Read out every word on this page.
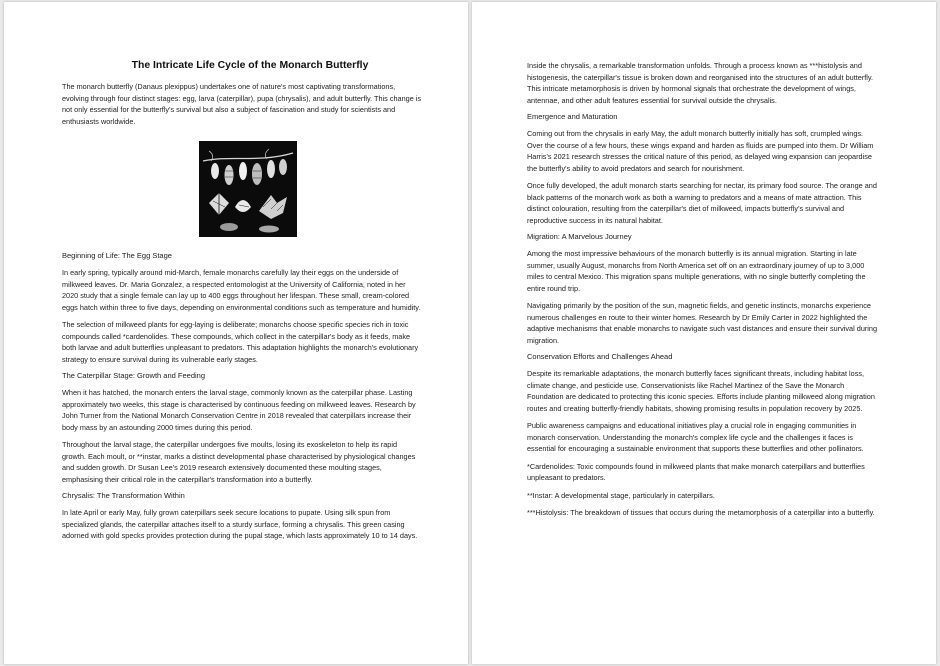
The Intricate Life Cycle of the Monarch Butterfly

The monarch butterfly (Danaus plexippus) undertakes one of nature's most captivating transformations, evolving through four distinct stages: egg, larva (caterpillar), pupa (chrysalis), and adult butterfly. This change is not only essential for the butterfly's survival but also a subject of fascination and study for scientists and enthusiasts worldwide.

Beginning of Life: The Egg Stage

In early spring, typically around mid-March, female monarchs carefully lay their eggs on the underside of milkweed leaves. Dr. Maria Gonzalez, a respected entomologist at the University of California, noted in her 2020 study that a single female can lay up to 400 eggs throughout her lifespan. These small, cream-colored eggs hatch within three to five days, depending on environmental conditions such as temperature and humidity.

The selection of milkweed plants for egg-laying is deliberate; monarchs choose specific species rich in toxic compounds called *cardenolides. These compounds, which collect in the caterpillar's body as it feeds, make both larvae and adult butterflies unpleasant to predators. This adaptation highlights the monarch's evolutionary strategy to ensure survival during its vulnerable early stages.

The Caterpillar Stage: Growth and Feeding

When it has hatched, the monarch enters the larval stage, commonly known as the caterpillar phase. Lasting approximately two weeks, this stage is characterised by continuous feeding on milkweed leaves. Research by John Turner from the National Monarch Conservation Centre in 2018 revealed that caterpillars increase their body mass by an astounding 2000 times during this period.

Throughout the larval stage, the caterpillar undergoes five moults, losing its exoskeleton to help its rapid growth. Each moult, or **instar, marks a distinct developmental phase characterised by physiological changes and sudden growth. Dr Susan Lee's 2019 research extensively documented these moulting stages, emphasising their critical role in the caterpillar's transformation into a butterfly.

Chrysalis: The Transformation Within

In late April or early May, fully grown caterpillars seek secure locations to pupate. Using silk spun from specialized glands, the caterpillar attaches itself to a sturdy surface, forming a chrysalis. This green casing adorned with gold specks provides protection during the pupal stage, which lasts approximately 10 to 14 days.

Inside the chrysalis, a remarkable transformation unfolds. Through a process known as ***histolysis and histogenesis, the caterpillar's tissue is broken down and reorganised into the structures of an adult butterfly. This intricate metamorphosis is driven by hormonal signals that orchestrate the development of wings, antennae, and other adult features essential for survival outside the chrysalis.

Emergence and Maturation

Coming out from the chrysalis in early May, the adult monarch butterfly initially has soft, crumpled wings. Over the course of a few hours, these wings expand and harden as fluids are pumped into them. Dr William Harris's 2021 research stresses the critical nature of this period, as delayed wing expansion can jeopardise the butterfly's ability to avoid predators and search for nourishment.

Once fully developed, the adult monarch starts searching for nectar, its primary food source. The orange and black patterns of the monarch work as both a warning to predators and a means of mate attraction. This distinct colouration, resulting from the caterpillar's diet of milkweed, impacts butterfly's survival and reproductive success in its natural habitat.

Migration: A Marvelous Journey

Among the most impressive behaviours of the monarch butterfly is its annual migration. Starting in late summer, usually August, monarchs from North America set off on an extraordinary journey of up to 3,000 miles to central Mexico. This migration spans multiple generations, with no single butterfly completing the entire round trip.

Navigating primarily by the position of the sun, magnetic fields, and genetic instincts, monarchs experience numerous challenges en route to their winter homes. Research by Dr Emily Carter in 2022 highlighted the adaptive mechanisms that enable monarchs to navigate such vast distances and ensure their survival during migration.

Conservation Efforts and Challenges Ahead

Despite its remarkable adaptations, the monarch butterfly faces significant threats, including habitat loss, climate change, and pesticide use. Conservationists like Rachel Martinez of the Save the Monarch Foundation are dedicated to protecting this iconic species. Efforts include planting milkweed along migration routes and creating butterfly-friendly habitats, showing promising results in population recovery by 2025.

Public awareness campaigns and educational initiatives play a crucial role in engaging communities in monarch conservation. Understanding the monarch's complex life cycle and the challenges it faces is essential for encouraging a sustainable environment that supports these butterflies and other pollinators.

*Cardenolides: Toxic compounds found in milkweed plants that make monarch caterpillars and butterflies unpleasant to predators.

**Instar: A developmental stage, particularly in caterpillars.

***Histolysis: The breakdown of tissues that occurs during the metamorphosis of a caterpillar into a butterfly.
